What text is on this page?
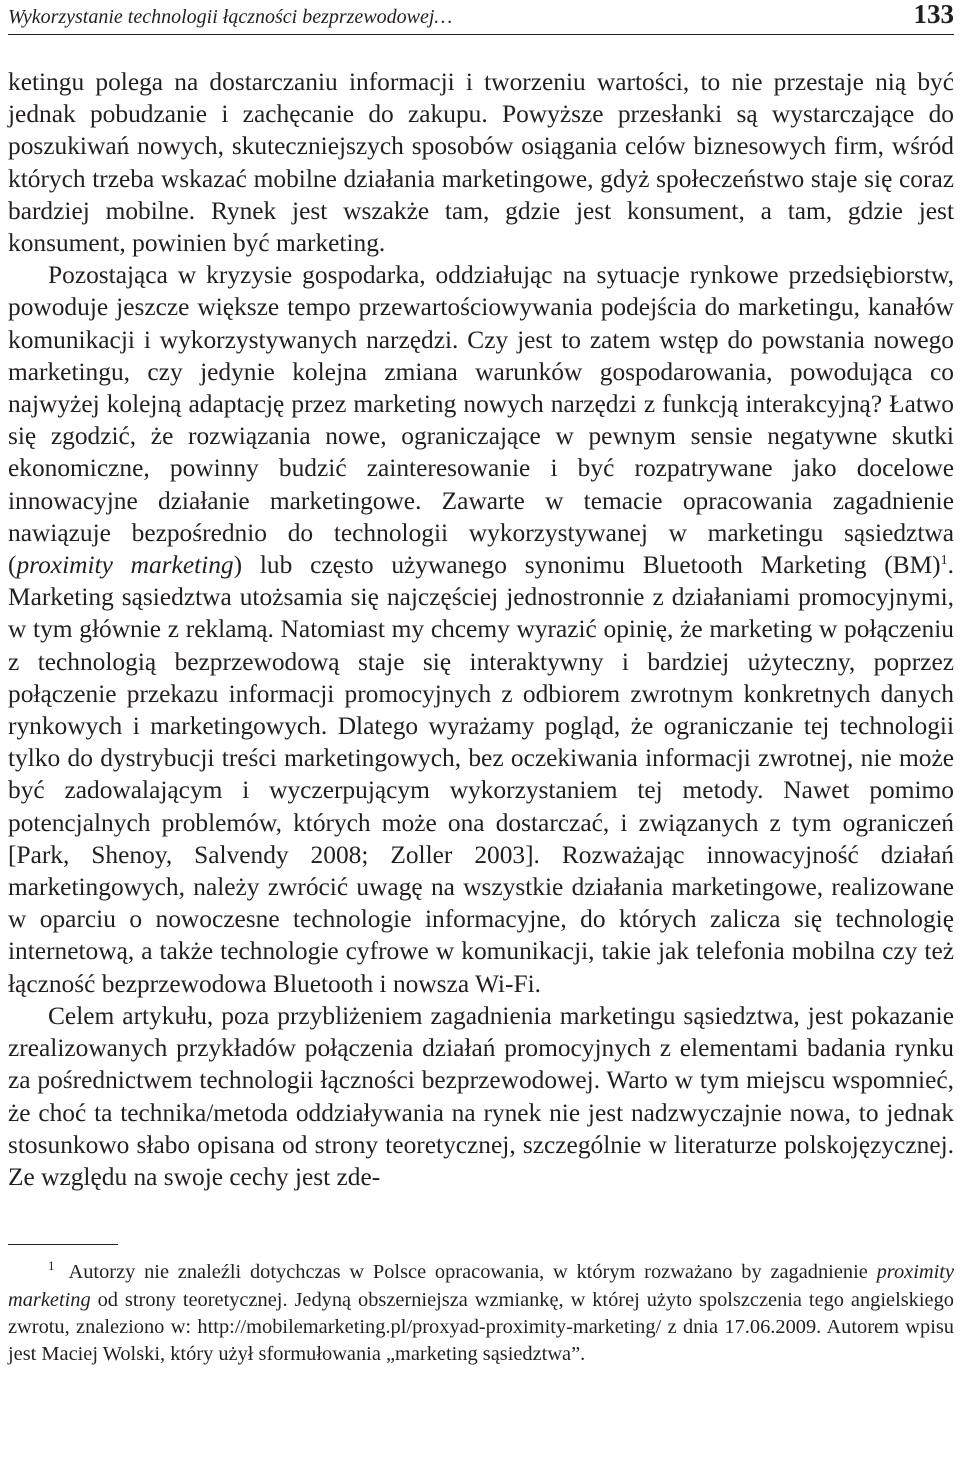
Wykorzystanie technologii łączności bezprzewodowej…	133

ketingu polega na dostarczaniu informacji i tworzeniu wartości, to nie przestaje nią być jednak pobudzanie i zachęcanie do zakupu. Powyższe przesłanki są wystarczające do poszukiwań nowych, skuteczniejszych sposobów osiągania celów biznesowych firm, wśród których trzeba wskazać mobilne działania marketingowe, gdyż społeczeństwo staje się coraz bardziej mobilne. Rynek jest wszakże tam, gdzie jest konsument, a tam, gdzie jest konsument, powinien być marketing.

Pozostająca w kryzysie gospodarka, oddziałując na sytuacje rynkowe przedsiębiorstw, powoduje jeszcze większe tempo przewartościowywania podejścia do marketingu, kanałów komunikacji i wykorzystywanych narzędzi. Czy jest to zatem wstęp do powstania nowego marketingu, czy jedynie kolejna zmiana warunków gospodarowania, powodująca co najwyżej kolejną adaptację przez marketing nowych narzędzi z funkcją interakcyjną? Łatwo się zgodzić, że rozwiązania nowe, ograniczające w pewnym sensie negatywne skutki ekonomiczne, powinny budzić zainteresowanie i być rozpatrywane jako docelowe innowacyjne działanie marketingowe. Zawarte w temacie opracowania zagadnienie nawiązuje bezpośrednio do technologii wykorzystywanej w marketingu sąsiedztwa (proximity marketing) lub często używanego synonimu Bluetooth Marketing (BM)$^1$. Marketing sąsiedztwa utożsamia się najczęściej jednostronnie z działaniami promocyjnymi, w tym głównie z reklamą. Natomiast my chcemy wyrazić opinię, że marketing w połączeniu z technologią bezprzewodową staje się interaktywny i bardziej użyteczny, poprzez połączenie przekazu informacji promocyjnych z odbiorem zwrotnym konkretnych danych rynkowych i marketingowych. Dlatego wyrażamy pogląd, że ograniczanie tej technologii tylko do dystrybucji treści marketingowych, bez oczekiwania informacji zwrotnej, nie może być zadowalającym i wyczerpującym wykorzystaniem tej metody. Nawet pomimo potencjalnych problemów, których może ona dostarczać, i związanych z tym ograniczeń [Park, Shenoy, Salvendy 2008; Zoller 2003]. Rozważając innowacyjność działań marketingowych, należy zwrócić uwagę na wszystkie działania marketingowe, realizowane w oparciu o nowoczesne technologie informacyjne, do których zalicza się technologię internetową, a także technologie cyfrowe w komunikacji, takie jak telefonia mobilna czy też łączność bezprzewodowa Bluetooth i nowsza Wi-Fi.

Celem artykułu, poza przybliżeniem zagadnienia marketingu sąsiedztwa, jest pokazanie zrealizowanych przykładów połączenia działań promocyjnych z elementami badania rynku za pośrednictwem technologii łączności bezprzewodowej. Warto w tym miejscu wspomnieć, że choć ta technika/metoda oddziaływania na rynek nie jest nadzwyczajnie nowa, to jednak stosunkowo słabo opisana od strony teoretycznej, szczególnie w literaturze polskojęzycznej. Ze względu na swoje cechy jest zde-

$^1$ Autorzy nie znaleźli dotychczas w Polsce opracowania, w którym rozważano by zagadnienie proximity marketing od strony teoretycznej. Jedyną obszerniejsza wzmiankę, w której użyto spolszczenia tego angielskiego zwrotu, znaleziono w: http://mobilemarketing.pl/proxyad-proximity-marketing/ z dnia 17.06.2009. Autorem wpisu jest Maciej Wolski, który użył sformułowania „marketing sąsiedztwa”.
